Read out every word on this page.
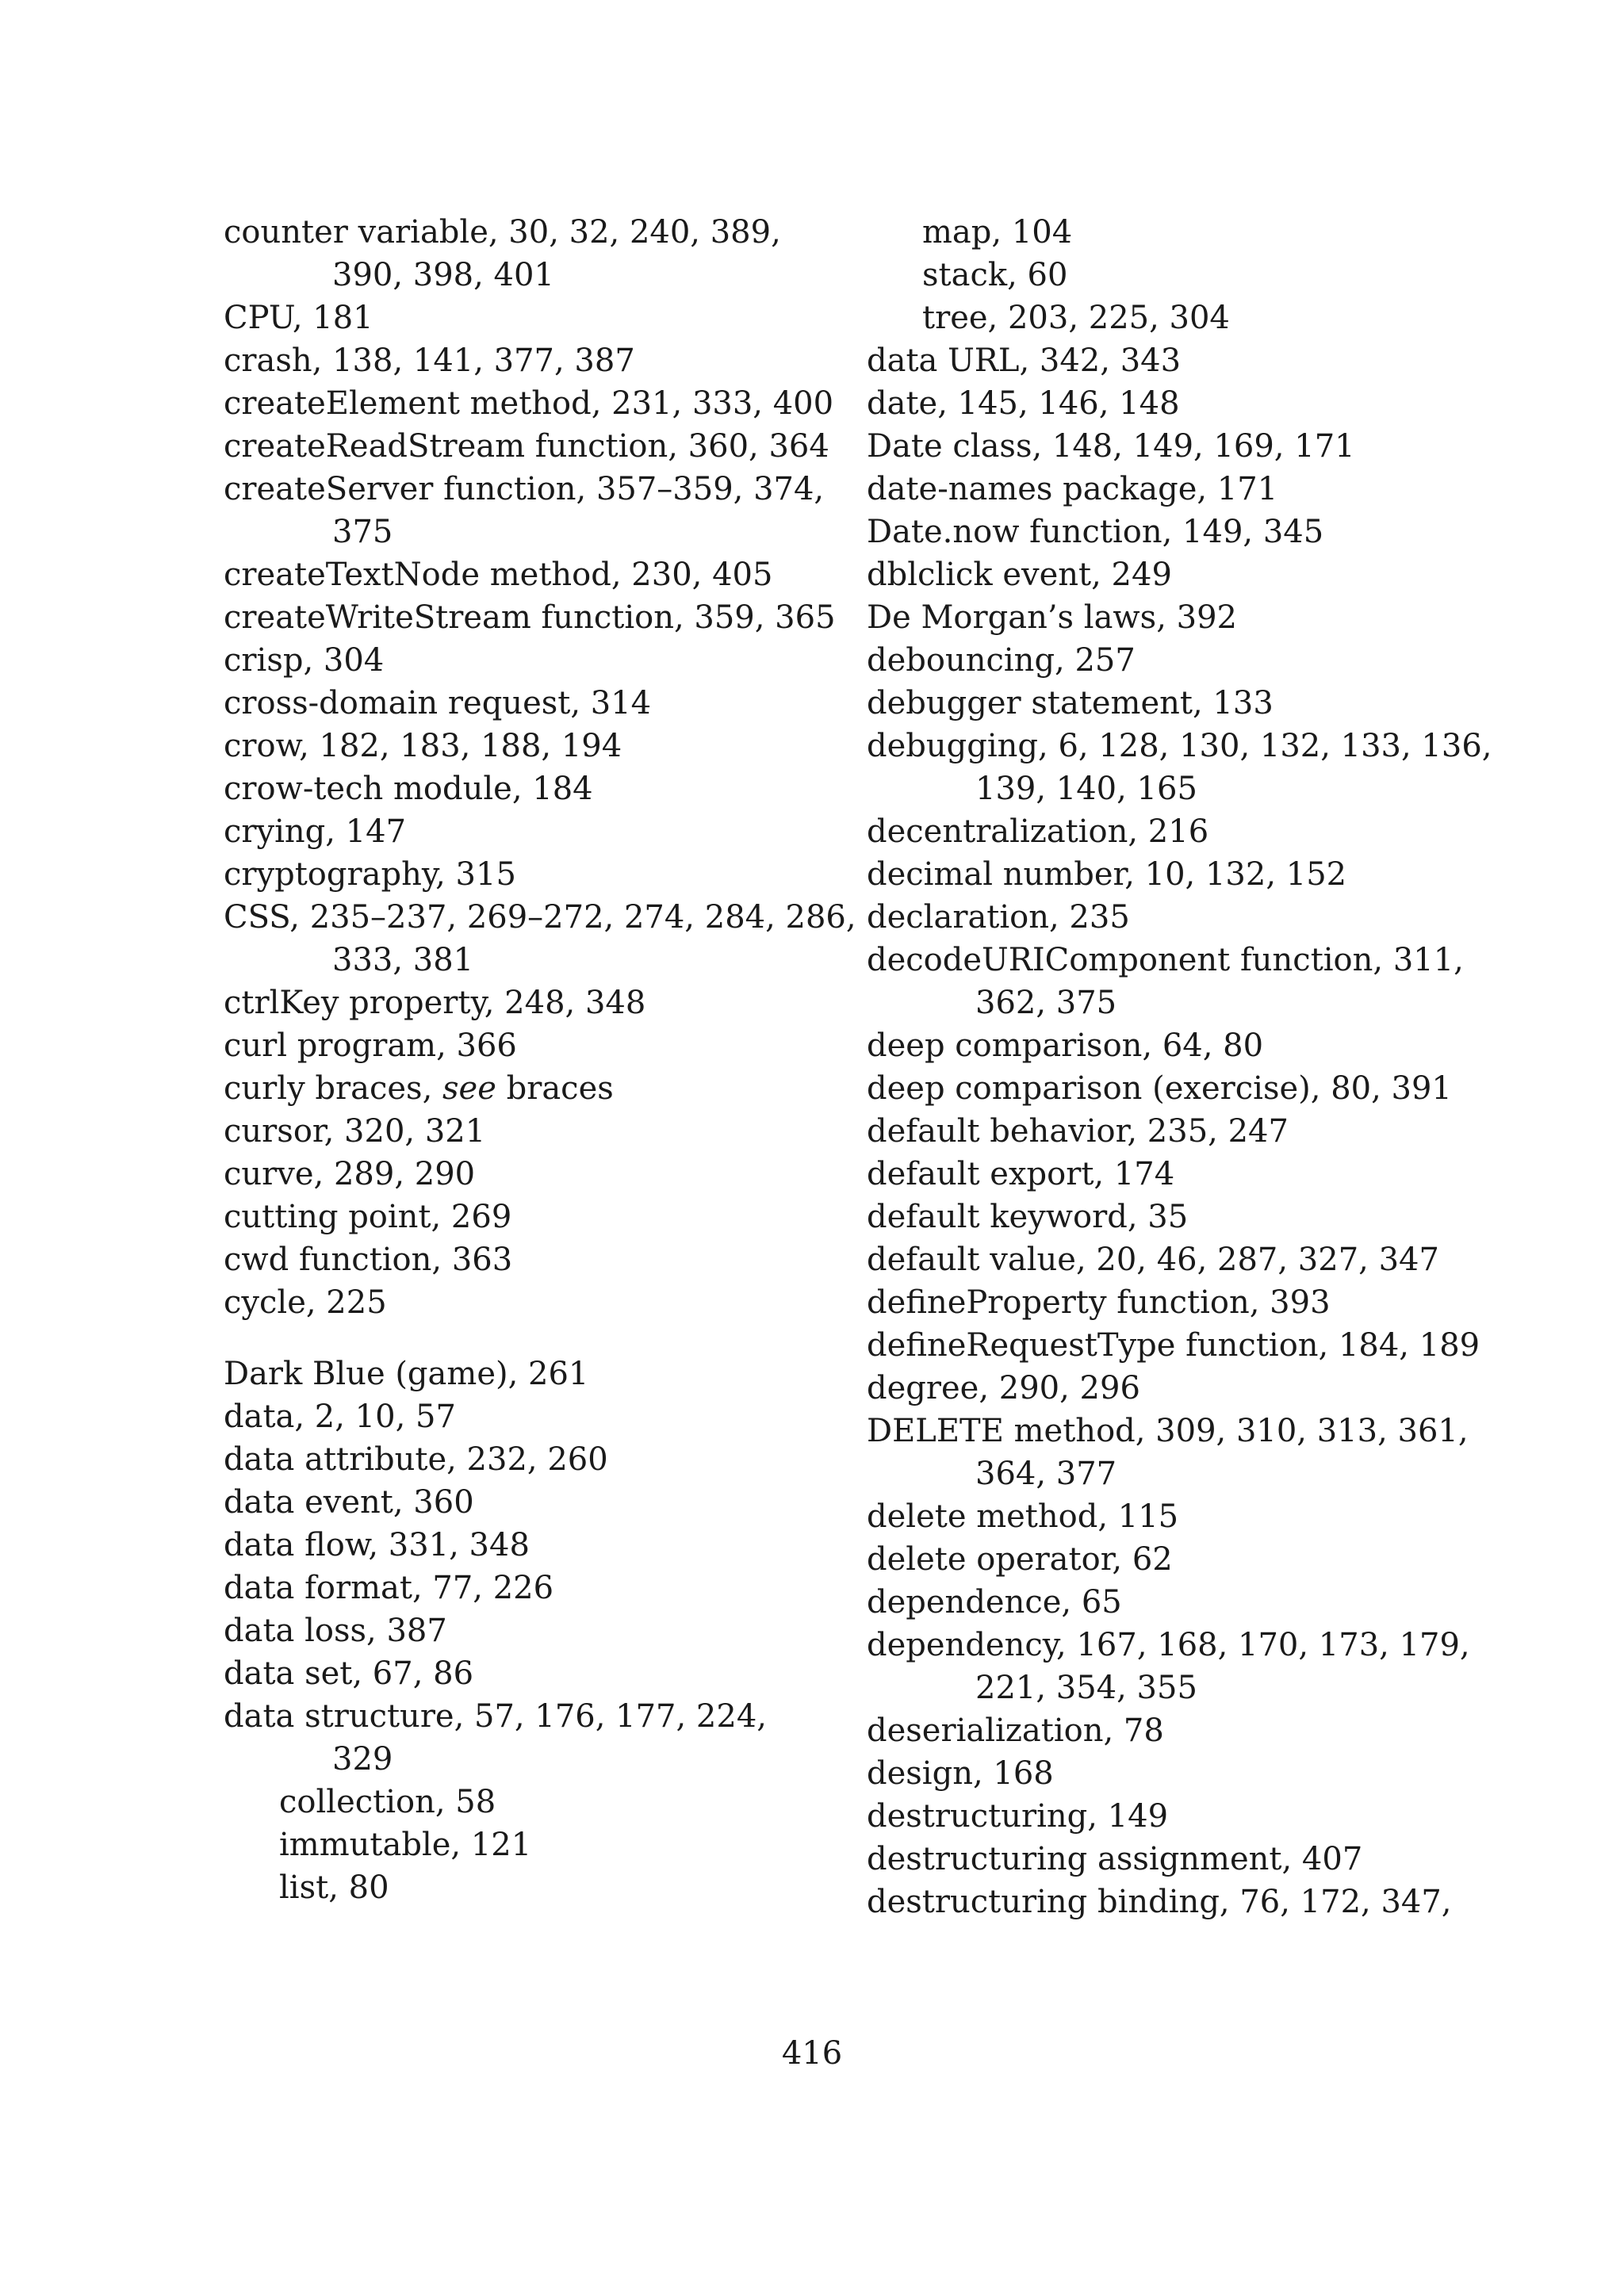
counter variable, 30, 32, 240, 389,
390, 398, 401
CPU, 181
crash, 138, 141, 377, 387
createElement method, 231, 333, 400
createReadStream function, 360, 364
createServer function, 357–359, 374,
375
createTextNode method, 230, 405
createWriteStream function, 359, 365
crisp, 304
cross-domain request, 314
crow, 182, 183, 188, 194
crow-tech module, 184
crying, 147
cryptography, 315
CSS, 235–237, 269–272, 274, 284, 286,
333, 381
ctrlKey property, 248, 348
curl program, 366
curly braces, see braces
cursor, 320, 321
curve, 289, 290
cutting point, 269
cwd function, 363
cycle, 225
Dark Blue (game), 261
data, 2, 10, 57
data attribute, 232, 260
data event, 360
data flow, 331, 348
data format, 77, 226
data loss, 387
data set, 67, 86
data structure, 57, 176, 177, 224,
329
collection, 58
immutable, 121
list, 80
map, 104
stack, 60
tree, 203, 225, 304
data URL, 342, 343
date, 145, 146, 148
Date class, 148, 149, 169, 171
date-names package, 171
Date.now function, 149, 345
dblclick event, 249
De Morgan’s laws, 392
debouncing, 257
debugger statement, 133
debugging, 6, 128, 130, 132, 133, 136,
139, 140, 165
decentralization, 216
decimal number, 10, 132, 152
declaration, 235
decodeURIComponent function, 311,
362, 375
deep comparison, 64, 80
deep comparison (exercise), 80, 391
default behavior, 235, 247
default export, 174
default keyword, 35
default value, 20, 46, 287, 327, 347
defineProperty function, 393
defineRequestType function, 184, 189
degree, 290, 296
DELETE method, 309, 310, 313, 361,
364, 377
delete method, 115
delete operator, 62
dependence, 65
dependency, 167, 168, 170, 173, 179,
221, 354, 355
deserialization, 78
design, 168
destructuring, 149
destructuring assignment, 407
destructuring binding, 76, 172, 347,
416
